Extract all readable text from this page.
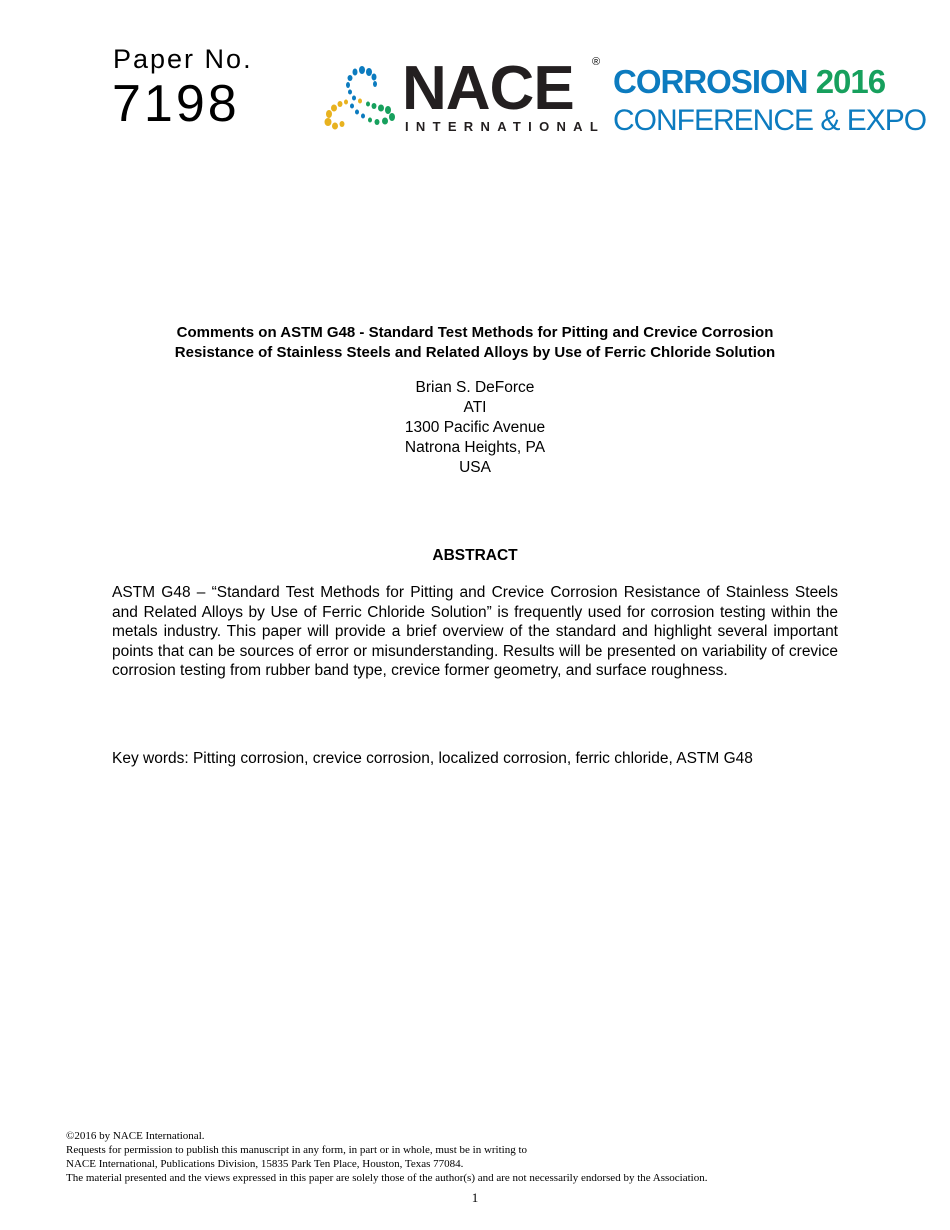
Paper No.
7198	NACE ®
INTERNATIONAL
CORROSION 2016
CONFERENCE & EXPO
Comments on ASTM G48 - Standard Test Methods for Pitting and Crevice Corrosion
Resistance of Stainless Steels and Related Alloys by Use of Ferric Chloride Solution
Brian S. DeForce
ATI
1300 Pacific Avenue
Natrona Heights, PA
USA
ABSTRACT
ASTM G48 – “Standard Test Methods for Pitting and Crevice Corrosion Resistance of Stainless Steels and Related Alloys by Use of Ferric Chloride Solution” is frequently used for corrosion testing within the metals industry. This paper will provide a brief overview of the standard and highlight several important points that can be sources of error or misunderstanding. Results will be presented on variability of crevice corrosion testing from rubber band type, crevice former geometry, and surface roughness.
Key words: Pitting corrosion, crevice corrosion, localized corrosion, ferric chloride, ASTM G48
©2016 by NACE International.
Requests for permission to publish this manuscript in any form, in part or in whole, must be in writing to
NACE International, Publications Division, 15835 Park Ten Place, Houston, Texas 77084.
The material presented and the views expressed in this paper are solely those of the author(s) and are not necessarily endorsed by the Association.
1
